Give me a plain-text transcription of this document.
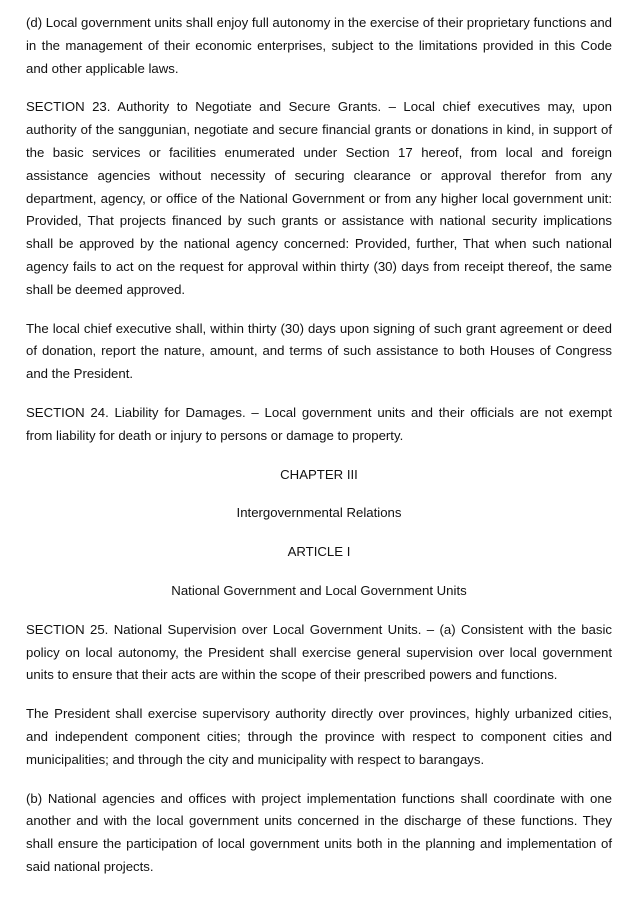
(d) Local government units shall enjoy full autonomy in the exercise of their proprietary functions and in the management of their economic enterprises, subject to the limitations provided in this Code and other applicable laws.

SECTION 23. Authority to Negotiate and Secure Grants. – Local chief executives may, upon authority of the sanggunian, negotiate and secure financial grants or donations in kind, in support of the basic services or facilities enumerated under Section 17 hereof, from local and foreign assistance agencies without necessity of securing clearance or approval therefor from any department, agency, or office of the National Government or from any higher local government unit: Provided, That projects financed by such grants or assistance with national security implications shall be approved by the national agency concerned: Provided, further, That when such national agency fails to act on the request for approval within thirty (30) days from receipt thereof, the same shall be deemed approved.

The local chief executive shall, within thirty (30) days upon signing of such grant agreement or deed of donation, report the nature, amount, and terms of such assistance to both Houses of Congress and the President.

SECTION 24. Liability for Damages. – Local government units and their officials are not exempt from liability for death or injury to persons or damage to property.

CHAPTER III

Intergovernmental Relations

ARTICLE I

National Government and Local Government Units

SECTION 25. National Supervision over Local Government Units. – (a) Consistent with the basic policy on local autonomy, the President shall exercise general supervision over local government units to ensure that their acts are within the scope of their prescribed powers and functions.

The President shall exercise supervisory authority directly over provinces, highly urbanized cities, and independent component cities; through the province with respect to component cities and municipalities; and through the city and municipality with respect to barangays.

(b) National agencies and offices with project implementation functions shall coordinate with one another and with the local government units concerned in the discharge of these functions. They shall ensure the participation of local government units both in the planning and implementation of said national projects.
